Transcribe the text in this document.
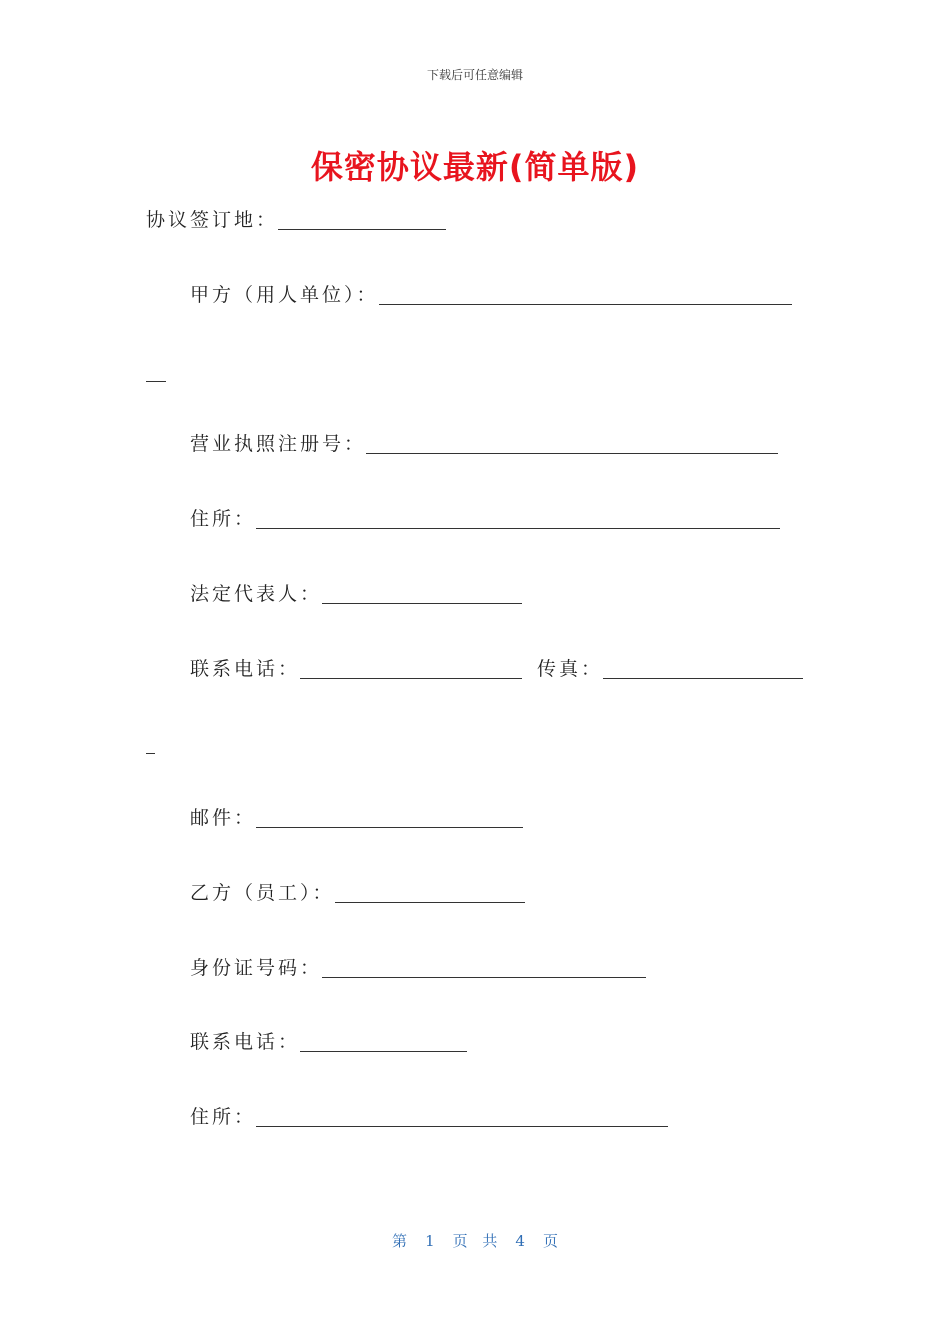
下载后可任意编辑
保密协议最新(简单版)
协议签订地：
甲方（用人单位）：
营业执照注册号：
住所：
法定代表人：
联系电话：	传真：
邮件：
乙方（员工）：
身份证号码：
联系电话：
住所：
第 1 页 共 4 页
